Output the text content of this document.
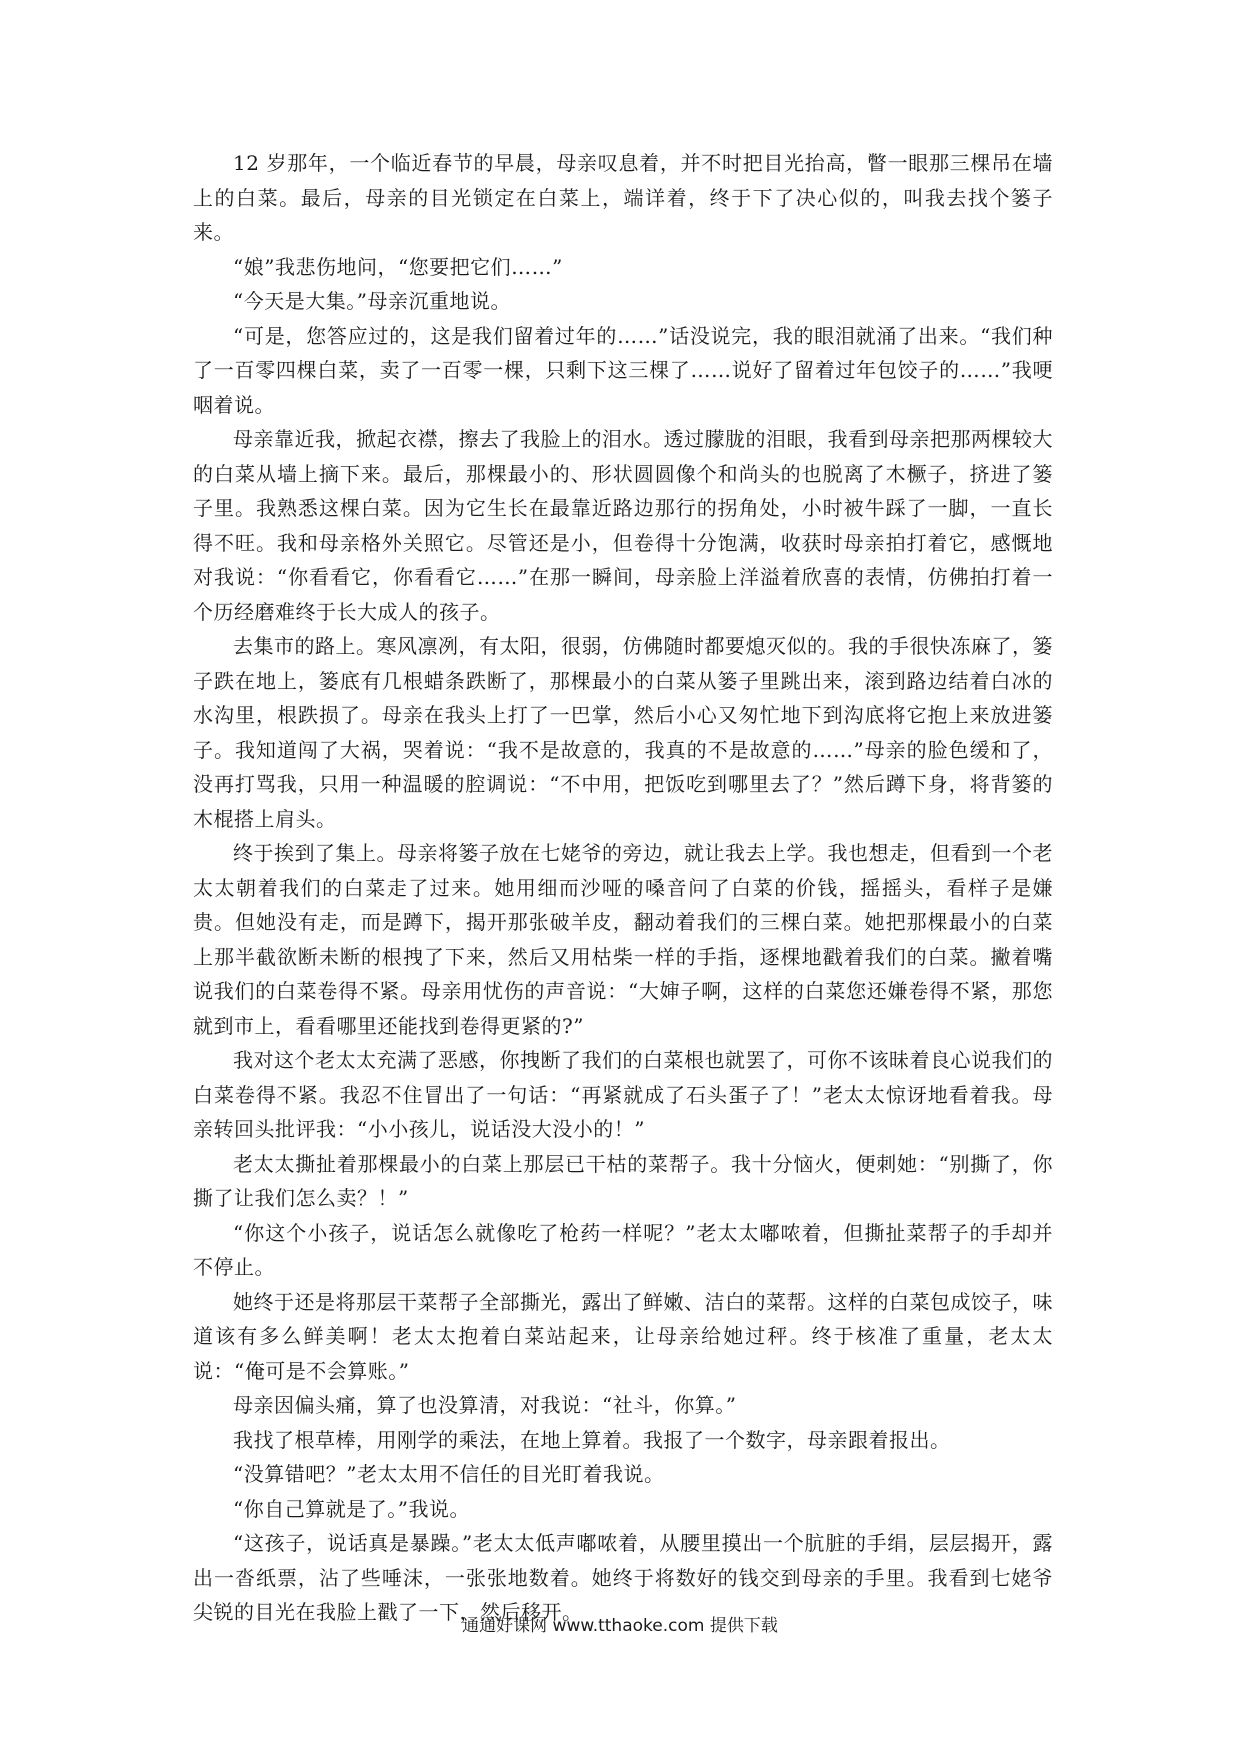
12 岁那年，一个临近春节的早晨，母亲叹息着，并不时把目光抬高，瞥一眼那三棵吊在墙上的白菜。最后，母亲的目光锁定在白菜上，端详着，终于下了决心似的，叫我去找个篓子来。

“娘”我悲伤地问，“您要把它们……”

“今天是大集。”母亲沉重地说。

“可是，您答应过的，这是我们留着过年的……”话没说完，我的眼泪就涌了出来。“我们种了一百零四棵白菜，卖了一百零一棵，只剩下这三棵了……说好了留着过年包饺子的……”我哽咽着说。

母亲靠近我，掀起衣襟，擦去了我脸上的泪水。透过朦胧的泪眼，我看到母亲把那两棵较大的白菜从墙上摘下来。最后，那棵最小的、形状圆圆像个和尚头的也脱离了木橛子，挤进了篓子里。我熟悉这棵白菜。因为它生长在最靠近路边那行的拐角处，小时被牛踩了一脚，一直长得不旺。我和母亲格外关照它。尽管还是小，但卷得十分饱满，收获时母亲拍打着它，感慨地对我说：“你看看它，你看看它……”在那一瞬间，母亲脸上洋溢着欣喜的表情，仿佛拍打着一个历经磨难终于长大成人的孩子。

去集市的路上。寒风凛冽，有太阳，很弱，仿佛随时都要熄灭似的。我的手很快冻麻了，篓子跌在地上，篓底有几根蜡条跌断了，那棵最小的白菜从篓子里跳出来，滚到路边结着白冰的水沟里，根跌损了。母亲在我头上打了一巴掌，然后小心又匆忙地下到沟底将它抱上来放进篓子。我知道闯了大祸，哭着说：“我不是故意的，我真的不是故意的……”母亲的脸色缓和了，没再打骂我，只用一种温暖的腔调说：“不中用，把饭吃到哪里去了？”然后蹲下身，将背篓的木棍搭上肩头。

终于挨到了集上。母亲将篓子放在七姥爷的旁边，就让我去上学。我也想走，但看到一个老太太朝着我们的白菜走了过来。她用细而沙哑的嗓音问了白菜的价钱，摇摇头，看样子是嫌贵。但她没有走，而是蹲下，揭开那张破羊皮，翻动着我们的三棵白菜。她把那棵最小的白菜上那半截欲断未断的根拽了下来，然后又用枯柴一样的手指，逐棵地戳着我们的白菜。撇着嘴说我们的白菜卷得不紧。母亲用忧伤的声音说：“大婶子啊，这样的白菜您还嫌卷得不紧，那您就到市上，看看哪里还能找到卷得更紧的?”

我对这个老太太充满了恶感，你拽断了我们的白菜根也就罢了，可你不该昧着良心说我们的白菜卷得不紧。我忍不住冒出了一句话：“再紧就成了石头蛋子了！”老太太惊讶地看着我。母亲转回头批评我：“小小孩儿，说话没大没小的！”

老太太撕扯着那棵最小的白菜上那层已干枯的菜帮子。我十分恼火，便刺她：“别撕了，你撕了让我们怎么卖？！”

“你这个小孩子，说话怎么就像吃了枪药一样呢？”老太太嘟哝着，但撕扯菜帮子的手却并不停止。

她终于还是将那层干菜帮子全部撕光，露出了鲜嫩、洁白的菜帮。这样的白菜包成饺子，味道该有多么鲜美啊！老太太抱着白菜站起来，让母亲给她过秤。终于核准了重量，老太太说：“俺可是不会算账。”

母亲因偏头痛，算了也没算清，对我说：“社斗，你算。”

我找了根草棒，用刚学的乘法，在地上算着。我报了一个数字，母亲跟着报出。

“没算错吧？”老太太用不信任的目光盯着我说。

“你自己算就是了。”我说。

“这孩子，说话真是暴躁。”老太太低声嘟哝着，从腰里摸出一个肮脏的手绢，层层揭开，露出一沓纸票，沾了些唾沫，一张张地数着。她终于将数好的钱交到母亲的手里。我看到七姥爷尖锐的目光在我脸上戳了一下，然后移开。

通通好课网 www.tthaoke.com 提供下载
